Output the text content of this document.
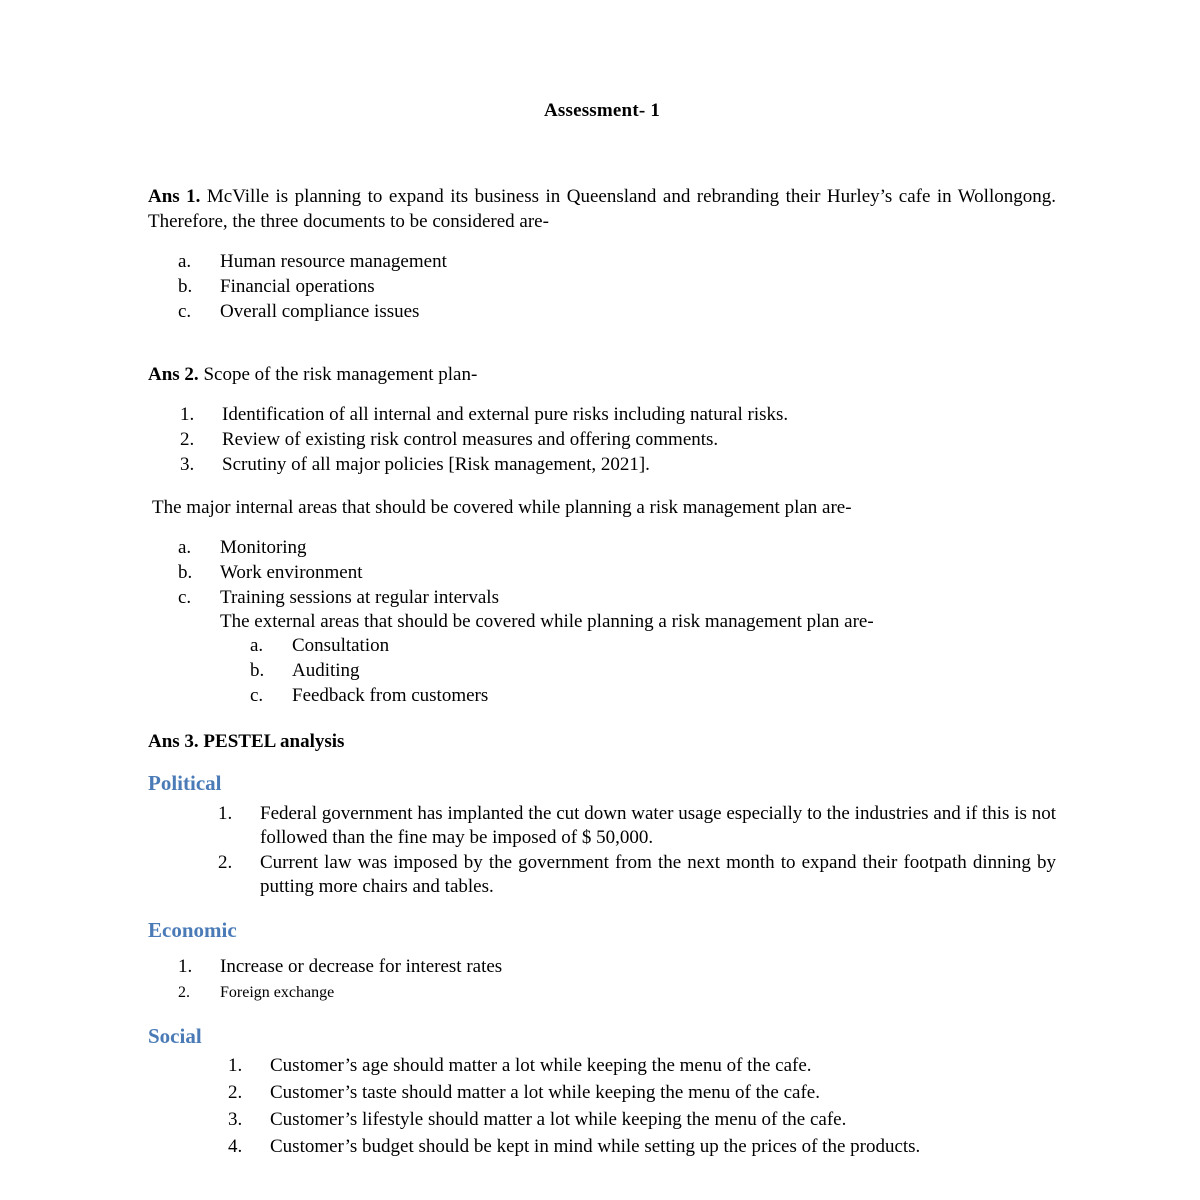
Assessment- 1

Ans 1. McVille is planning to expand its business in Queensland and rebranding their Hurley’s cafe in Wollongong. Therefore, the three documents to be considered are-

a.	Human resource management
b.	Financial operations
c.	Overall compliance issues

Ans 2. Scope of the risk management plan-

1.	Identification of all internal and external pure risks including natural risks.
2.	Review of existing risk control measures and offering comments.
3.	Scrutiny of all major policies [Risk management, 2021].

The major internal areas that should be covered while planning a risk management plan are-

a.	Monitoring
b.	Work environment
c.	Training sessions at regular intervals
The external areas that should be covered while planning a risk management plan are-
a.	Consultation
b.	Auditing
c.	Feedback from customers

Ans 3. PESTEL analysis

Political
1.	Federal government has implanted the cut down water usage especially to the industries and if this is not followed than the fine may be imposed of $ 50,000.
2.	Current law was imposed by the government from the next month to expand their footpath dinning by putting more chairs and tables.
Economic
1.	Increase or decrease for interest rates
2.	Foreign exchange
Social
1.	Customer’s age should matter a lot while keeping the menu of the cafe.
2.	Customer’s taste should matter a lot while keeping the menu of the cafe.
3.	Customer’s lifestyle should matter a lot while keeping the menu of the cafe.
4.	Customer’s budget should be kept in mind while setting up the prices of the products.
